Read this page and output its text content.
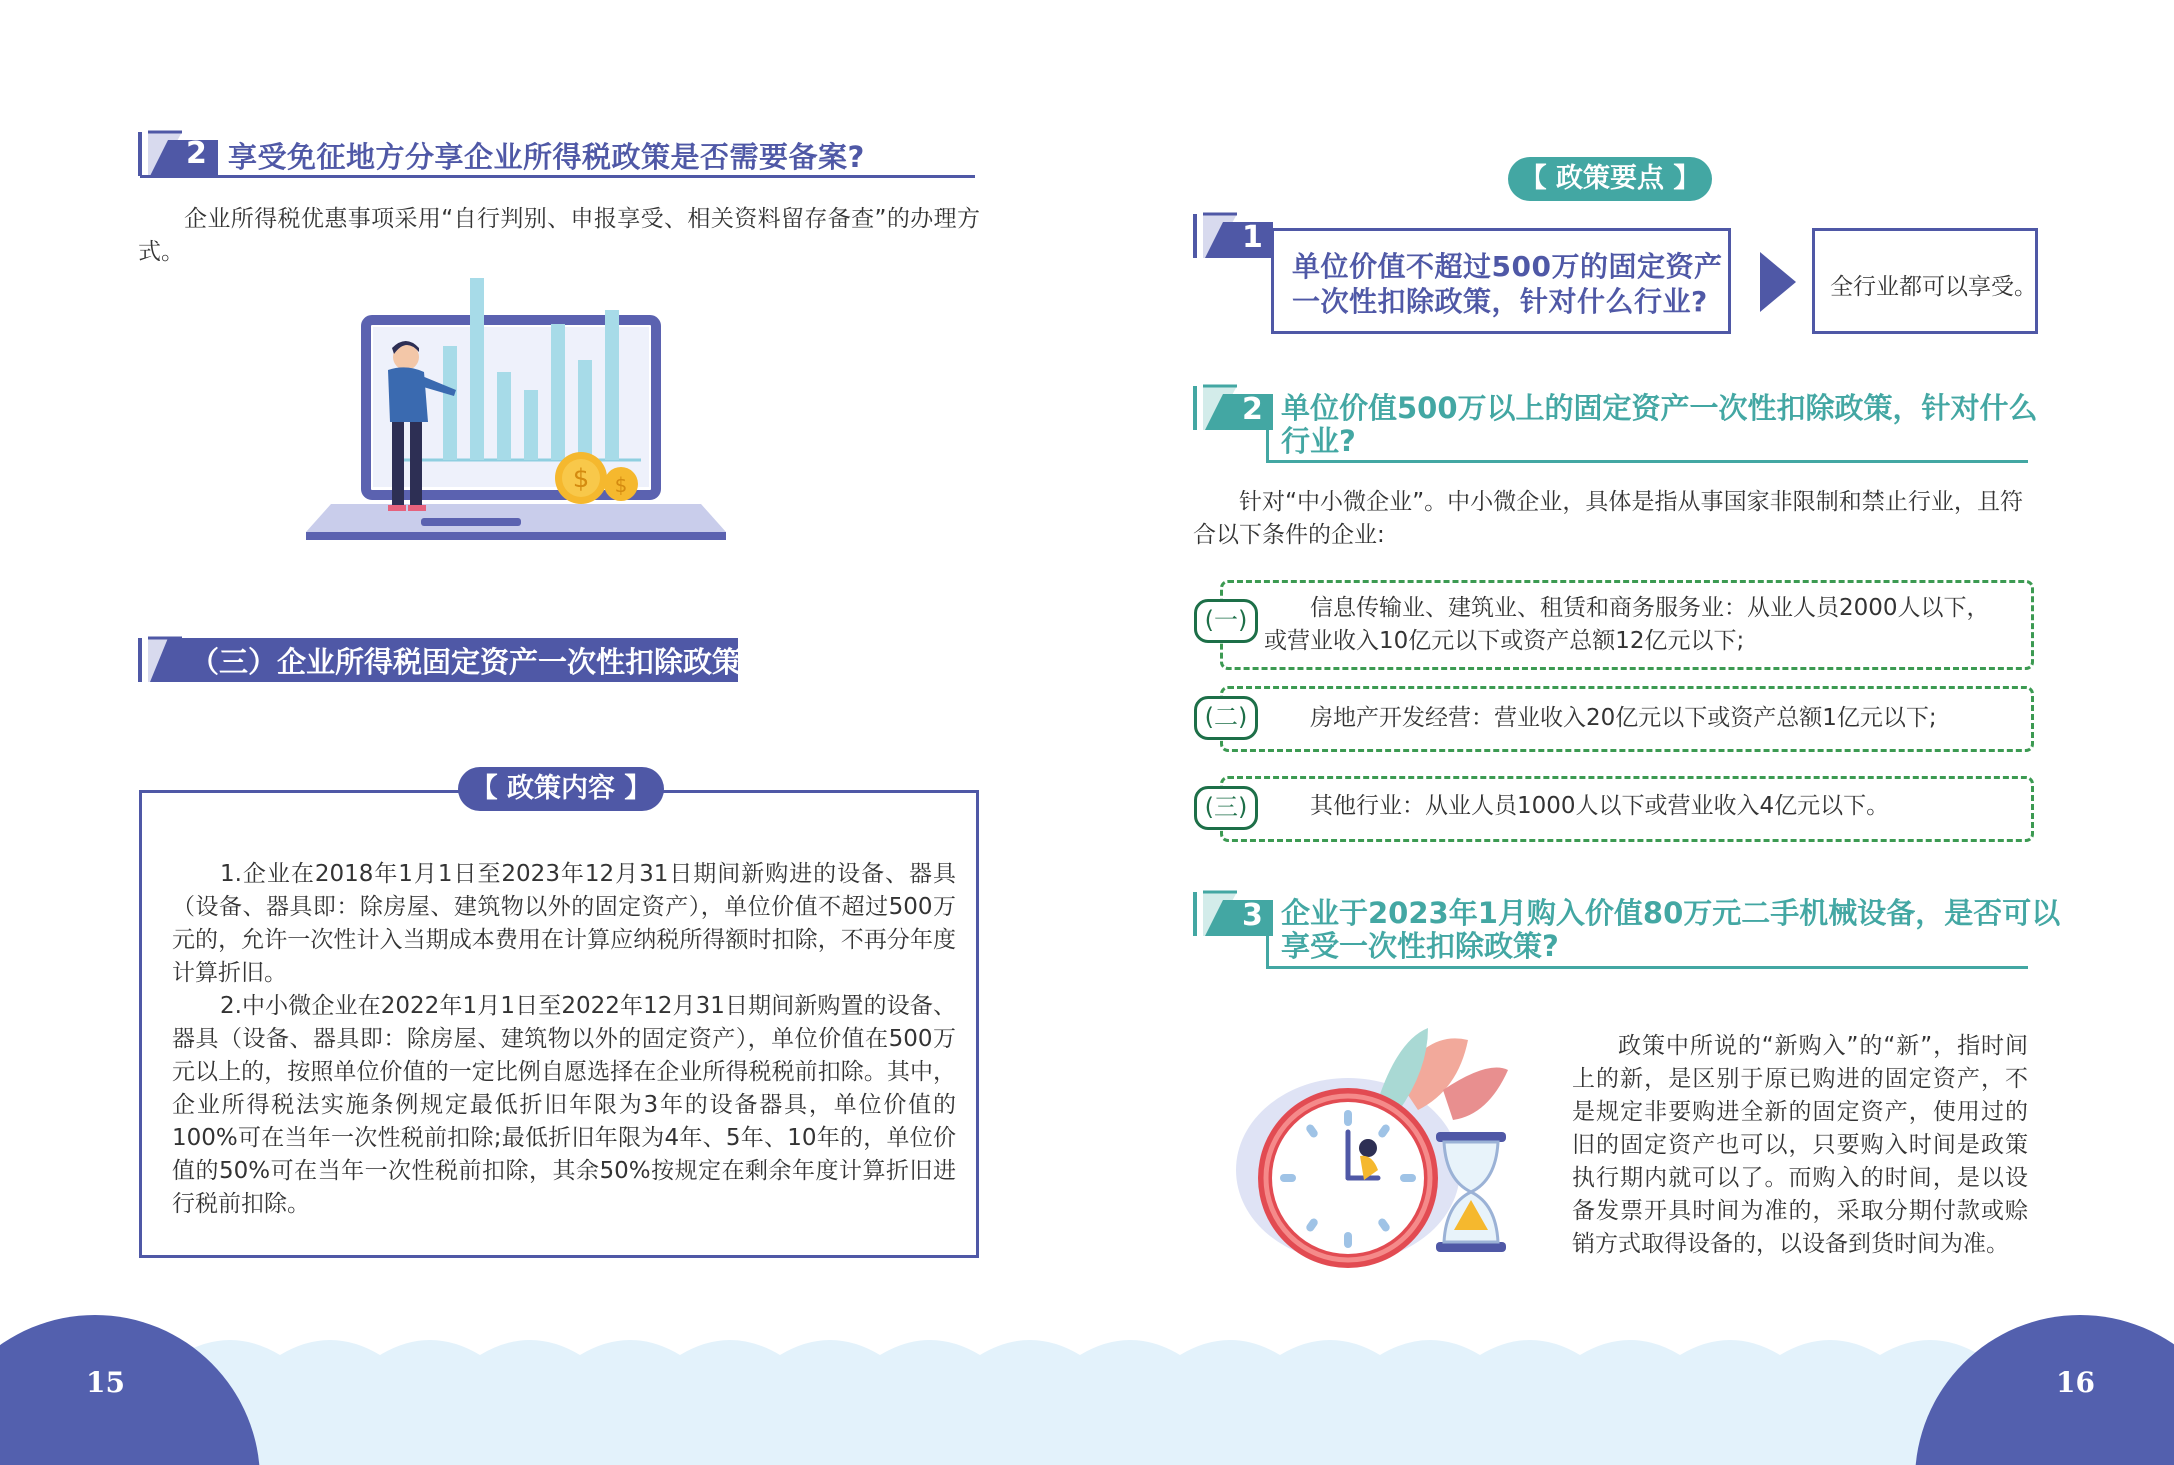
2 享受免征地方分享企业所得税政策是否需要备案?
企业所得税优惠事项采用“自行判别、申报享受、相关资料留存备查”的办理方式。
$ $
（三）企业所得税固定资产一次性扣除政策
【 政策内容 】
1.企业在2018年1月1日至2023年12月31日期间新购进的设备、器具（设备、器具即：除房屋、建筑物以外的固定资产），单位价值不超过500万元的，允许一次性计入当期成本费用在计算应纳税所得额时扣除，不再分年度计算折旧。
2.中小微企业在2022年1月1日至2022年12月31日期间新购置的设备、器具（设备、器具即：除房屋、建筑物以外的固定资产），单位价值在500万元以上的，按照单位价值的一定比例自愿选择在企业所得税税前扣除。其中，企业所得税法实施条例规定最低折旧年限为3年的设备器具，单位价值的100%可在当年一次性税前扣除;最低折旧年限为4年、5年、10年的，单位价值的50%可在当年一次性税前扣除，其余50%按规定在剩余年度计算折旧进行税前扣除。
【 政策要点 】
1
单位价值不超过500万的固定资产
一次性扣除政策，针对什么行业?	全行业都可以享受。
2 单位价值500万以上的固定资产一次性扣除政策，针对什么
行业?
针对“中小微企业”。中小微企业，具体是指从事国家非限制和禁止行业，且符合以下条件的企业:
(一)	信息传输业、建筑业、租赁和商务服务业：从业人员2000人以下，
或营业收入10亿元以下或资产总额12亿元以下;
(二)	房地产开发经营：营业收入20亿元以下或资产总额1亿元以下;
(三)	其他行业：从业人员1000人以下或营业收入4亿元以下。
3 企业于2023年1月购入价值80万元二手机械设备，是否可以
享受一次性扣除政策?
政策中所说的“新购入”的“新”，指时间上的新，是区别于原已购进的固定资产，不是规定非要购进全新的固定资产，使用过的旧的固定资产也可以，只要购入时间是政策执行期内就可以了。而购入的时间，是以设备发票开具时间为准的，采取分期付款或赊销方式取得设备的，以设备到货时间为准。
15	16
